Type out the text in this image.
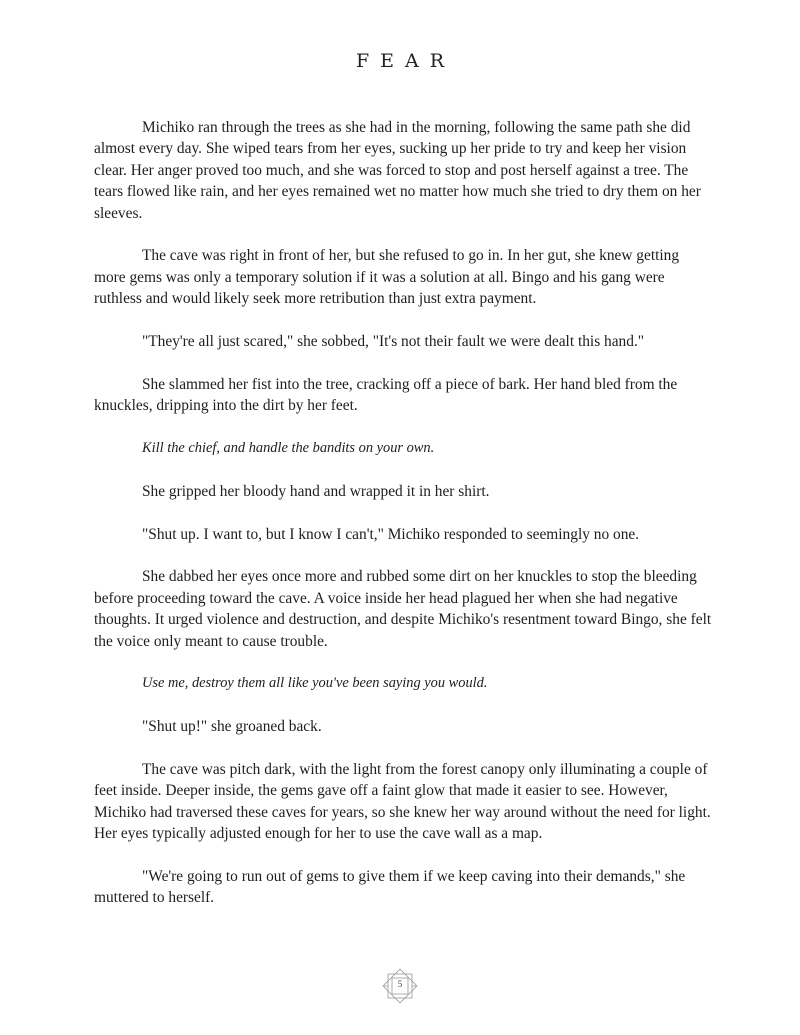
FEAR

Michiko ran through the trees as she had in the morning, following the same path she did almost every day. She wiped tears from her eyes, sucking up her pride to try and keep her vision clear. Her anger proved too much, and she was forced to stop and post herself against a tree. The tears flowed like rain, and her eyes remained wet no matter how much she tried to dry them on her sleeves.

The cave was right in front of her, but she refused to go in. In her gut, she knew getting more gems was only a temporary solution if it was a solution at all. Bingo and his gang were ruthless and would likely seek more retribution than just extra payment.

"They're all just scared," she sobbed, "It's not their fault we were dealt this hand."

She slammed her fist into the tree, cracking off a piece of bark. Her hand bled from the knuckles, dripping into the dirt by her feet.

Kill the chief, and handle the bandits on your own.

She gripped her bloody hand and wrapped it in her shirt.

"Shut up. I want to, but I know I can't," Michiko responded to seemingly no one.

She dabbed her eyes once more and rubbed some dirt on her knuckles to stop the bleeding before proceeding toward the cave. A voice inside her head plagued her when she had negative thoughts. It urged violence and destruction, and despite Michiko's resentment toward Bingo, she felt the voice only meant to cause trouble.

Use me, destroy them all like you've been saying you would.

"Shut up!" she groaned back.

The cave was pitch dark, with the light from the forest canopy only illuminating a couple of feet inside. Deeper inside, the gems gave off a faint glow that made it easier to see. However, Michiko had traversed these caves for years, so she knew her way around without the need for light. Her eyes typically adjusted enough for her to use the cave wall as a map.

"We're going to run out of gems to give them if we keep caving into their demands," she muttered to herself.

5
